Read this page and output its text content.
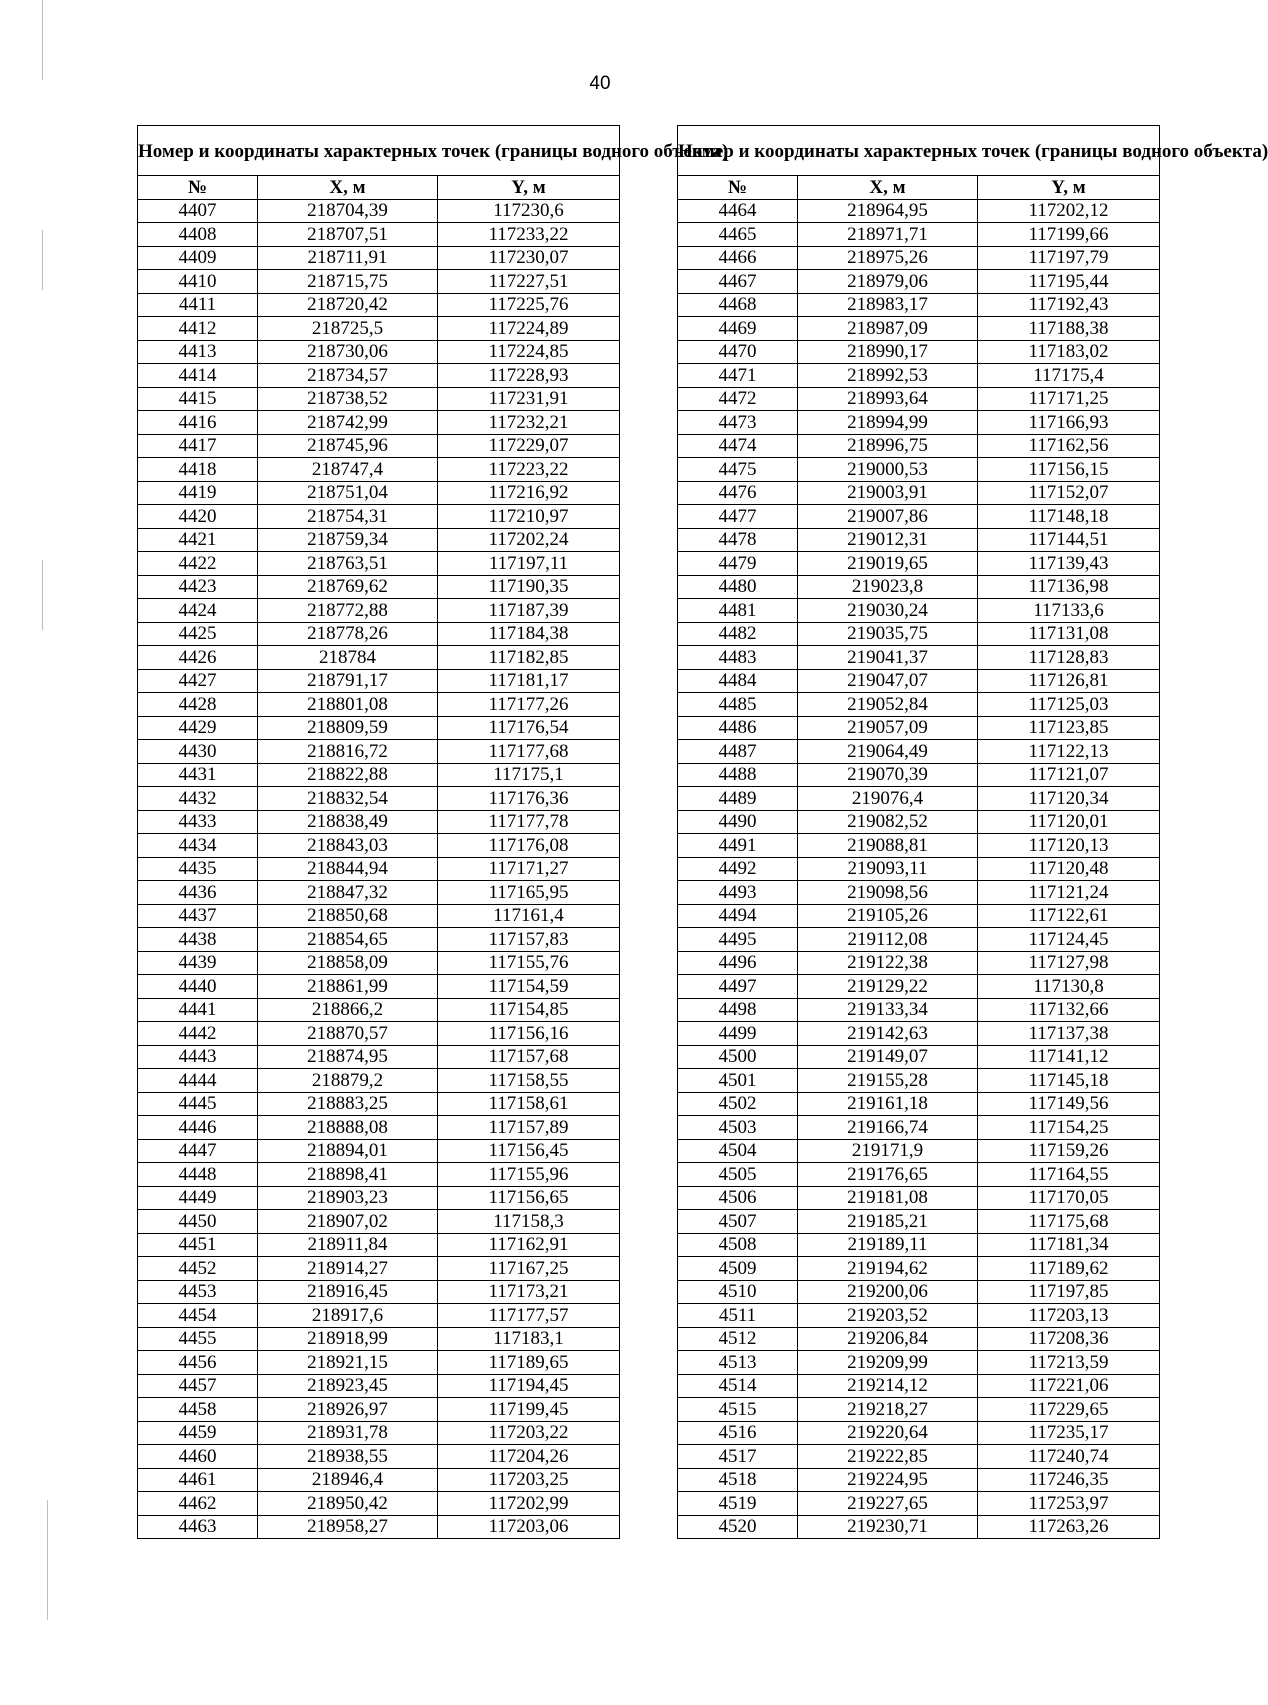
40
Номер и координаты характерных точек (границы водного объекта)		
№	X, м	Y, м
4407	218704,39	117230,6
4408	218707,51	117233,22
4409	218711,91	117230,07
4410	218715,75	117227,51
4411	218720,42	117225,76
4412	218725,5	117224,89
4413	218730,06	117224,85
4414	218734,57	117228,93
4415	218738,52	117231,91
4416	218742,99	117232,21
4417	218745,96	117229,07
4418	218747,4	117223,22
4419	218751,04	117216,92
4420	218754,31	117210,97
4421	218759,34	117202,24
4422	218763,51	117197,11
4423	218769,62	117190,35
4424	218772,88	117187,39
4425	218778,26	117184,38
4426	218784	117182,85
4427	218791,17	117181,17
4428	218801,08	117177,26
4429	218809,59	117176,54
4430	218816,72	117177,68
4431	218822,88	117175,1
4432	218832,54	117176,36
4433	218838,49	117177,78
4434	218843,03	117176,08
4435	218844,94	117171,27
4436	218847,32	117165,95
4437	218850,68	117161,4
4438	218854,65	117157,83
4439	218858,09	117155,76
4440	218861,99	117154,59
4441	218866,2	117154,85
4442	218870,57	117156,16
4443	218874,95	117157,68
4444	218879,2	117158,55
4445	218883,25	117158,61
4446	218888,08	117157,89
4447	218894,01	117156,45
4448	218898,41	117155,96
4449	218903,23	117156,65
4450	218907,02	117158,3
4451	218911,84	117162,91
4452	218914,27	117167,25
4453	218916,45	117173,21
4454	218917,6	117177,57
4455	218918,99	117183,1
4456	218921,15	117189,65
4457	218923,45	117194,45
4458	218926,97	117199,45
4459	218931,78	117203,22
4460	218938,55	117204,26
4461	218946,4	117203,25
4462	218950,42	117202,99
4463	218958,27	117203,06
Номер и координаты характерных точек (границы водного объекта)		
№	X, м	Y, м
4464	218964,95	117202,12
4465	218971,71	117199,66
4466	218975,26	117197,79
4467	218979,06	117195,44
4468	218983,17	117192,43
4469	218987,09	117188,38
4470	218990,17	117183,02
4471	218992,53	117175,4
4472	218993,64	117171,25
4473	218994,99	117166,93
4474	218996,75	117162,56
4475	219000,53	117156,15
4476	219003,91	117152,07
4477	219007,86	117148,18
4478	219012,31	117144,51
4479	219019,65	117139,43
4480	219023,8	117136,98
4481	219030,24	117133,6
4482	219035,75	117131,08
4483	219041,37	117128,83
4484	219047,07	117126,81
4485	219052,84	117125,03
4486	219057,09	117123,85
4487	219064,49	117122,13
4488	219070,39	117121,07
4489	219076,4	117120,34
4490	219082,52	117120,01
4491	219088,81	117120,13
4492	219093,11	117120,48
4493	219098,56	117121,24
4494	219105,26	117122,61
4495	219112,08	117124,45
4496	219122,38	117127,98
4497	219129,22	117130,8
4498	219133,34	117132,66
4499	219142,63	117137,38
4500	219149,07	117141,12
4501	219155,28	117145,18
4502	219161,18	117149,56
4503	219166,74	117154,25
4504	219171,9	117159,26
4505	219176,65	117164,55
4506	219181,08	117170,05
4507	219185,21	117175,68
4508	219189,11	117181,34
4509	219194,62	117189,62
4510	219200,06	117197,85
4511	219203,52	117203,13
4512	219206,84	117208,36
4513	219209,99	117213,59
4514	219214,12	117221,06
4515	219218,27	117229,65
4516	219220,64	117235,17
4517	219222,85	117240,74
4518	219224,95	117246,35
4519	219227,65	117253,97
4520	219230,71	117263,26
